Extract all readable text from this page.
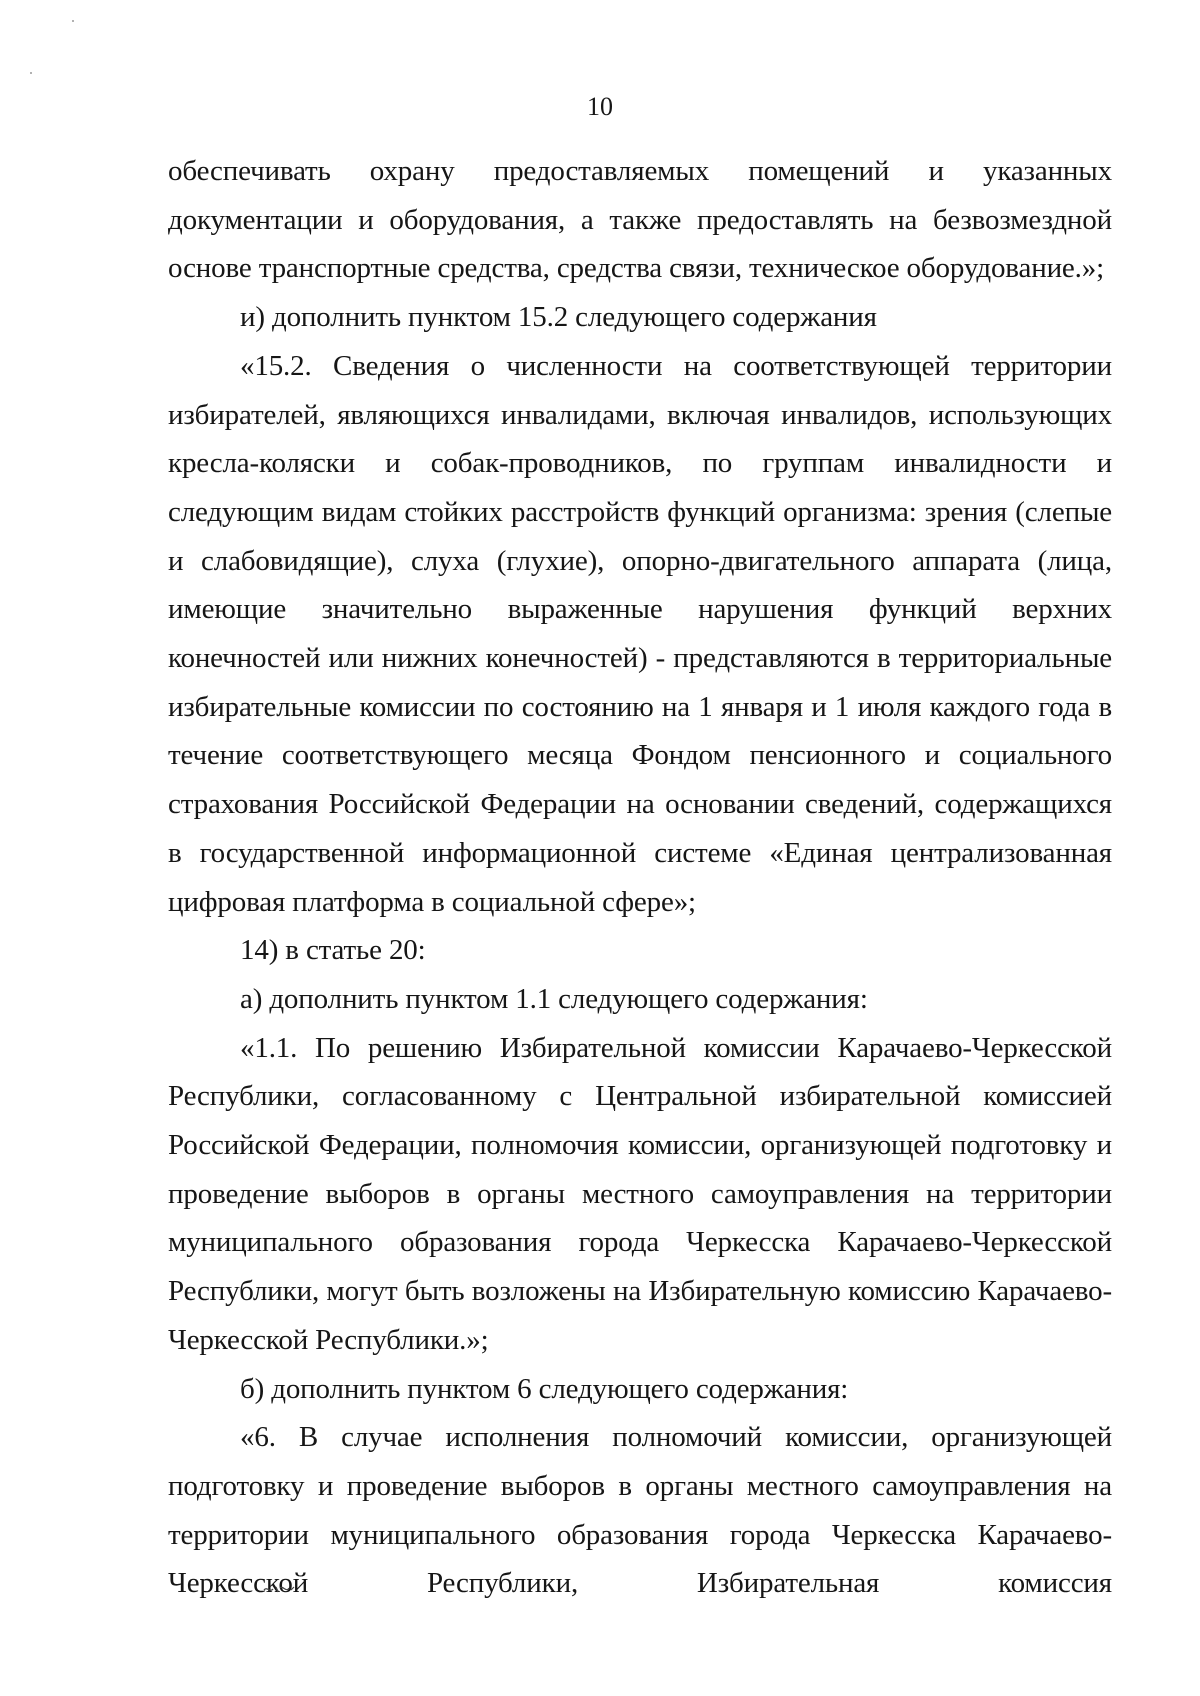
10

обеспечивать охрану предоставляемых помещений и указанных документации и оборудования, а также предоставлять на безвозмездной основе транспортные средства, средства связи, техническое оборудование.»;

и) дополнить пунктом 15.2 следующего содержания

«15.2. Сведения о численности на соответствующей территории избирателей, являющихся инвалидами, включая инвалидов, использующих кресла-коляски и собак-проводников, по группам инвалидности и следующим видам стойких расстройств функций организма: зрения (слепые и слабовидящие), слуха (глухие), опорно-двигательного аппарата (лица, имеющие значительно выраженные нарушения функций верхних конечностей или нижних конечностей) - представляются в территориальные избирательные комиссии по состоянию на 1 января и 1 июля каждого года в течение соответствующего месяца Фондом пенсионного и социального страхования Российской Федерации на основании сведений, содержащихся в государственной информационной системе «Единая централизованная цифровая платформа в социальной сфере»;

14) в статье 20:

а) дополнить пунктом 1.1 следующего содержания:

«1.1. По решению Избирательной комиссии Карачаево-Черкесской Республики, согласованному с Центральной избирательной комиссией Российской Федерации, полномочия комиссии, организующей подготовку и проведение выборов в органы местного самоуправления на территории муниципального образования города Черкесска Карачаево-Черкесской Республики, могут быть возложены на Избирательную комиссию Карачаево-Черкесской Республики.»;

б) дополнить пунктом 6 следующего содержания:

«6. В случае исполнения полномочий комиссии, организующей подготовку и проведение выборов в органы местного самоуправления на территории муниципального образования города Черкесска Карачаево-Черкесской Республики, Избирательная комиссия
